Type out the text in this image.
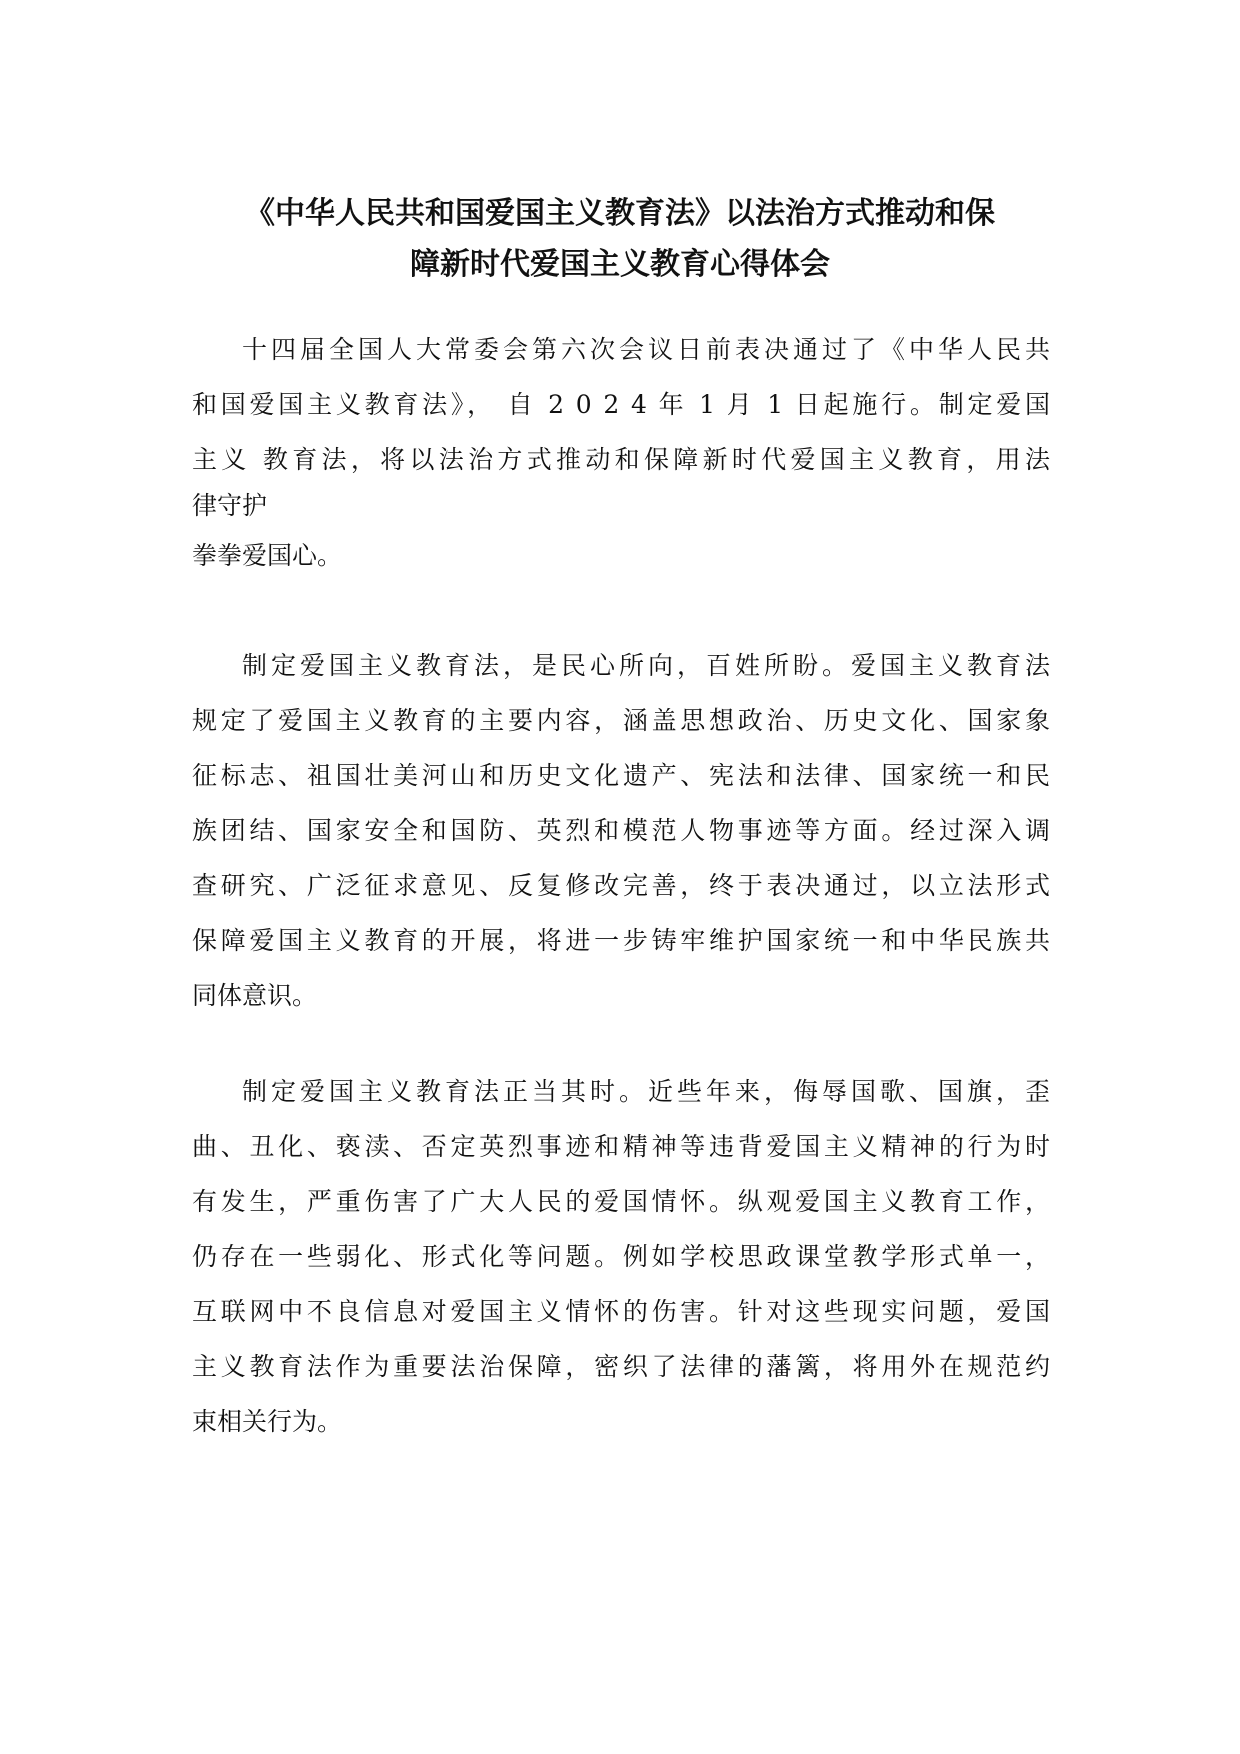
《中华人民共和国爱国主义教育法》以法治方式推动和保
障新时代爱国主义教育心得体会
十四届全国人大常委会第六次会议日前表决通过了《中华人民共
和国爱国主义教育法》， 自 2 0 2 4 年 1 月 1 日起施行。制定爱国
主义 教育法，将以法治方式推动和保障新时代爱国主义教育，用法
律守护
拳拳爱国心。
制定爱国主义教育法，是民心所向，百姓所盼。爱国主义教育法
规定了爱国主义教育的主要内容，涵盖思想政治、历史文化、国家象
征标志、祖国壮美河山和历史文化遗产、宪法和法律、国家统一和民
族团结、国家安全和国防、英烈和模范人物事迹等方面。经过深入调
查研究、广泛征求意见、反复修改完善，终于表决通过，以立法形式
保障爱国主义教育的开展，将进一步铸牢维护国家统一和中华民族共
同体意识。
制定爱国主义教育法正当其时。近些年来，侮辱国歌、国旗，歪
曲、丑化、亵渎、否定英烈事迹和精神等违背爱国主义精神的行为时
有发生，严重伤害了广大人民的爱国情怀。纵观爱国主义教育工作，
仍存在一些弱化、形式化等问题。例如学校思政课堂教学形式单一，
互联网中不良信息对爱国主义情怀的伤害。针对这些现实问题，爱国
主义教育法作为重要法治保障，密织了法律的藩篱，将用外在规范约
束相关行为。
